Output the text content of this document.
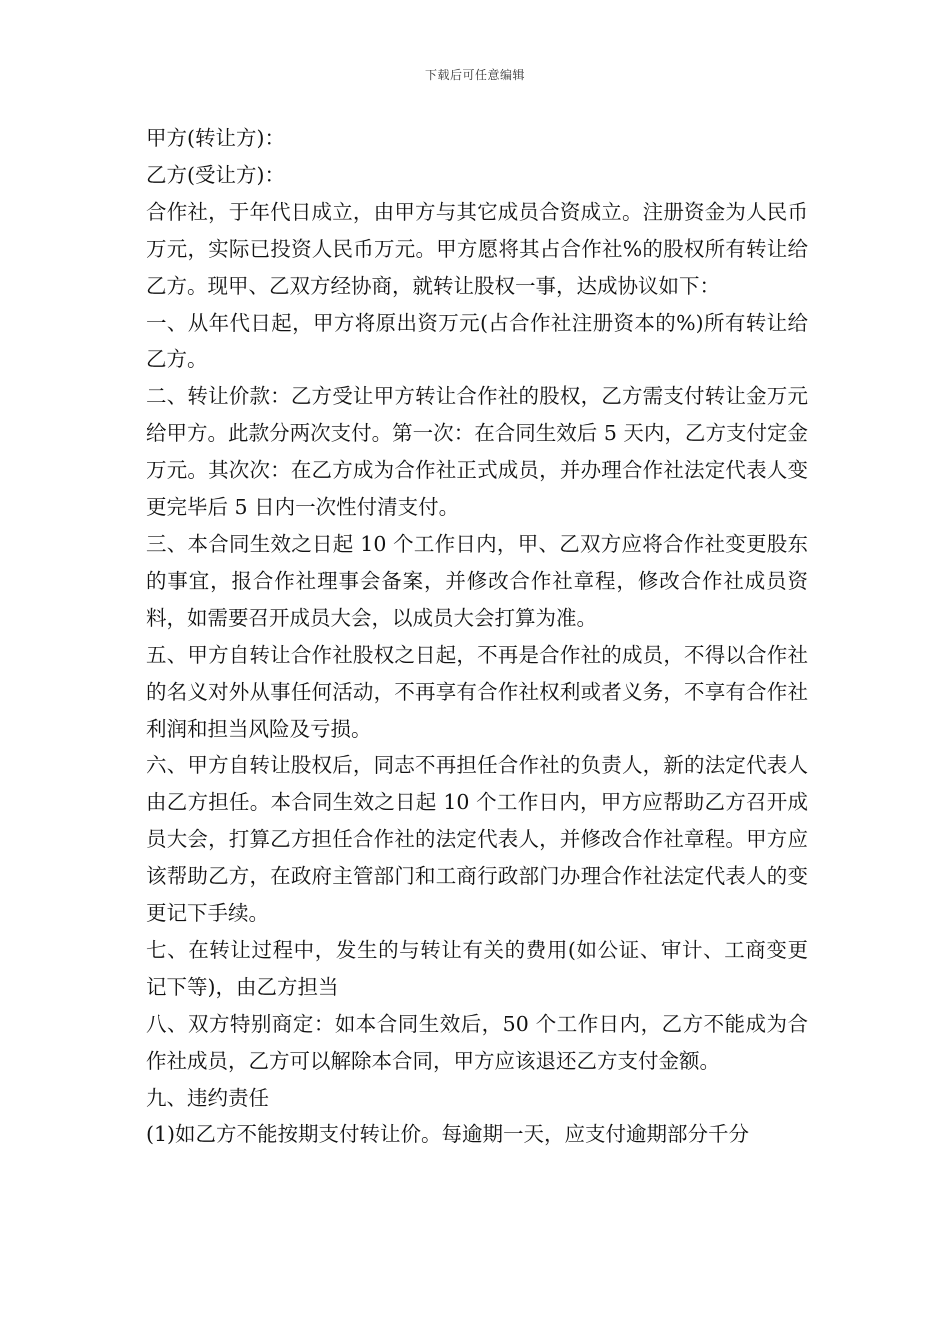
下载后可任意编辑

甲方(转让方)：

乙方(受让方)：

合作社，于年代日成立，由甲方与其它成员合资成立。注册资金为人民币万元，实际已投资人民币万元。甲方愿将其占合作社%的股权所有转让给乙方。现甲、乙双方经协商，就转让股权一事，达成协议如下：

一、从年代日起，甲方将原出资万元(占合作社注册资本的%)所有转让给乙方。

二、转让价款：乙方受让甲方转让合作社的股权，乙方需支付转让金万元给甲方。此款分两次支付。第一次：在合同生效后 5 天内，乙方支付定金万元。其次次：在乙方成为合作社正式成员，并办理合作社法定代表人变更完毕后 5 日内一次性付清支付。

三、本合同生效之日起 10 个工作日内，甲、乙双方应将合作社变更股东的事宜，报合作社理事会备案，并修改合作社章程，修改合作社成员资料，如需要召开成员大会，以成员大会打算为准。

五、甲方自转让合作社股权之日起，不再是合作社的成员，不得以合作社的名义对外从事任何活动，不再享有合作社权利或者义务，不享有合作社利润和担当风险及亏损。

六、甲方自转让股权后，同志不再担任合作社的负责人，新的法定代表人由乙方担任。本合同生效之日起 10 个工作日内，甲方应帮助乙方召开成员大会，打算乙方担任合作社的法定代表人，并修改合作社章程。甲方应该帮助乙方，在政府主管部门和工商行政部门办理合作社法定代表人的变更记下手续。

七、在转让过程中，发生的与转让有关的费用(如公证、审计、工商变更记下等)，由乙方担当

八、双方特别商定：如本合同生效后，50 个工作日内，乙方不能成为合作社成员，乙方可以解除本合同，甲方应该退还乙方支付金额。

九、违约责任

(1)如乙方不能按期支付转让价。每逾期一天，应支付逾期部分千分
